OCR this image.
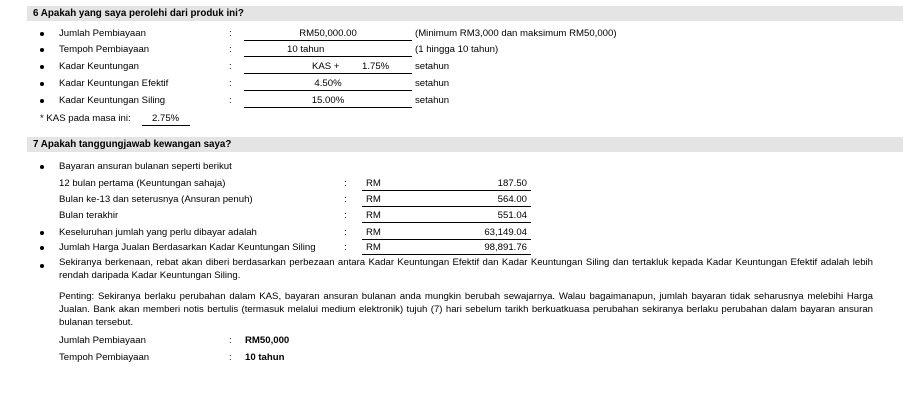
6 Apakah yang saya perolehi dari produk ini?
Jumlah Pembiayaan	:	RM50,000.00	(Minimum RM3,000 dan maksimum RM50,000)
Tempoh Pembiayaan	:	10 tahun	(1 hingga 10 tahun)
Kadar Keuntungan	:	KAS + 1.75%	setahun
Kadar Keuntungan Efektif	:	4.50%	setahun
Kadar Keuntungan Siling	:	15.00%	setahun
* KAS pada masa ini: 2.75%
7 Apakah tanggungjawab kewangan saya?
Bayaran ansuran bulanan seperti berikut
12 bulan pertama (Keuntungan sahaja)	: RM	187.50
Bulan ke-13 dan seterusnya (Ansuran penuh)	: RM	564.00
Bulan terakhir	: RM	551.04
Keseluruhan jumlah yang perlu dibayar adalah	: RM	63,149.04
Jumlah Harga Jualan Berdasarkan Kadar Keuntungan Siling	: RM	98,891.76
Sekiranya berkenaan, rebat akan diberi berdasarkan perbezaan antara Kadar Keuntungan Efektif dan Kadar Keuntungan Siling dan tertakluk kepada Kadar Keuntungan Efektif adalah lebih rendah daripada Kadar Keuntungan Siling.
Penting: Sekiranya berlaku perubahan dalam KAS, bayaran ansuran bulanan anda mungkin berubah sewajarnya. Walau bagaimanapun, jumlah bayaran tidak seharusnya melebihi Harga Jualan. Bank akan memberi notis bertulis (termasuk melalui medium elektronik) tujuh (7) hari sebelum tarikh berkuatkuasa perubahan sekiranya berlaku perubahan dalam bayaran ansuran bulanan tersebut.
Jumlah Pembiayaan	: RM50,000
Tempoh Pembiayaan	: 10 tahun
